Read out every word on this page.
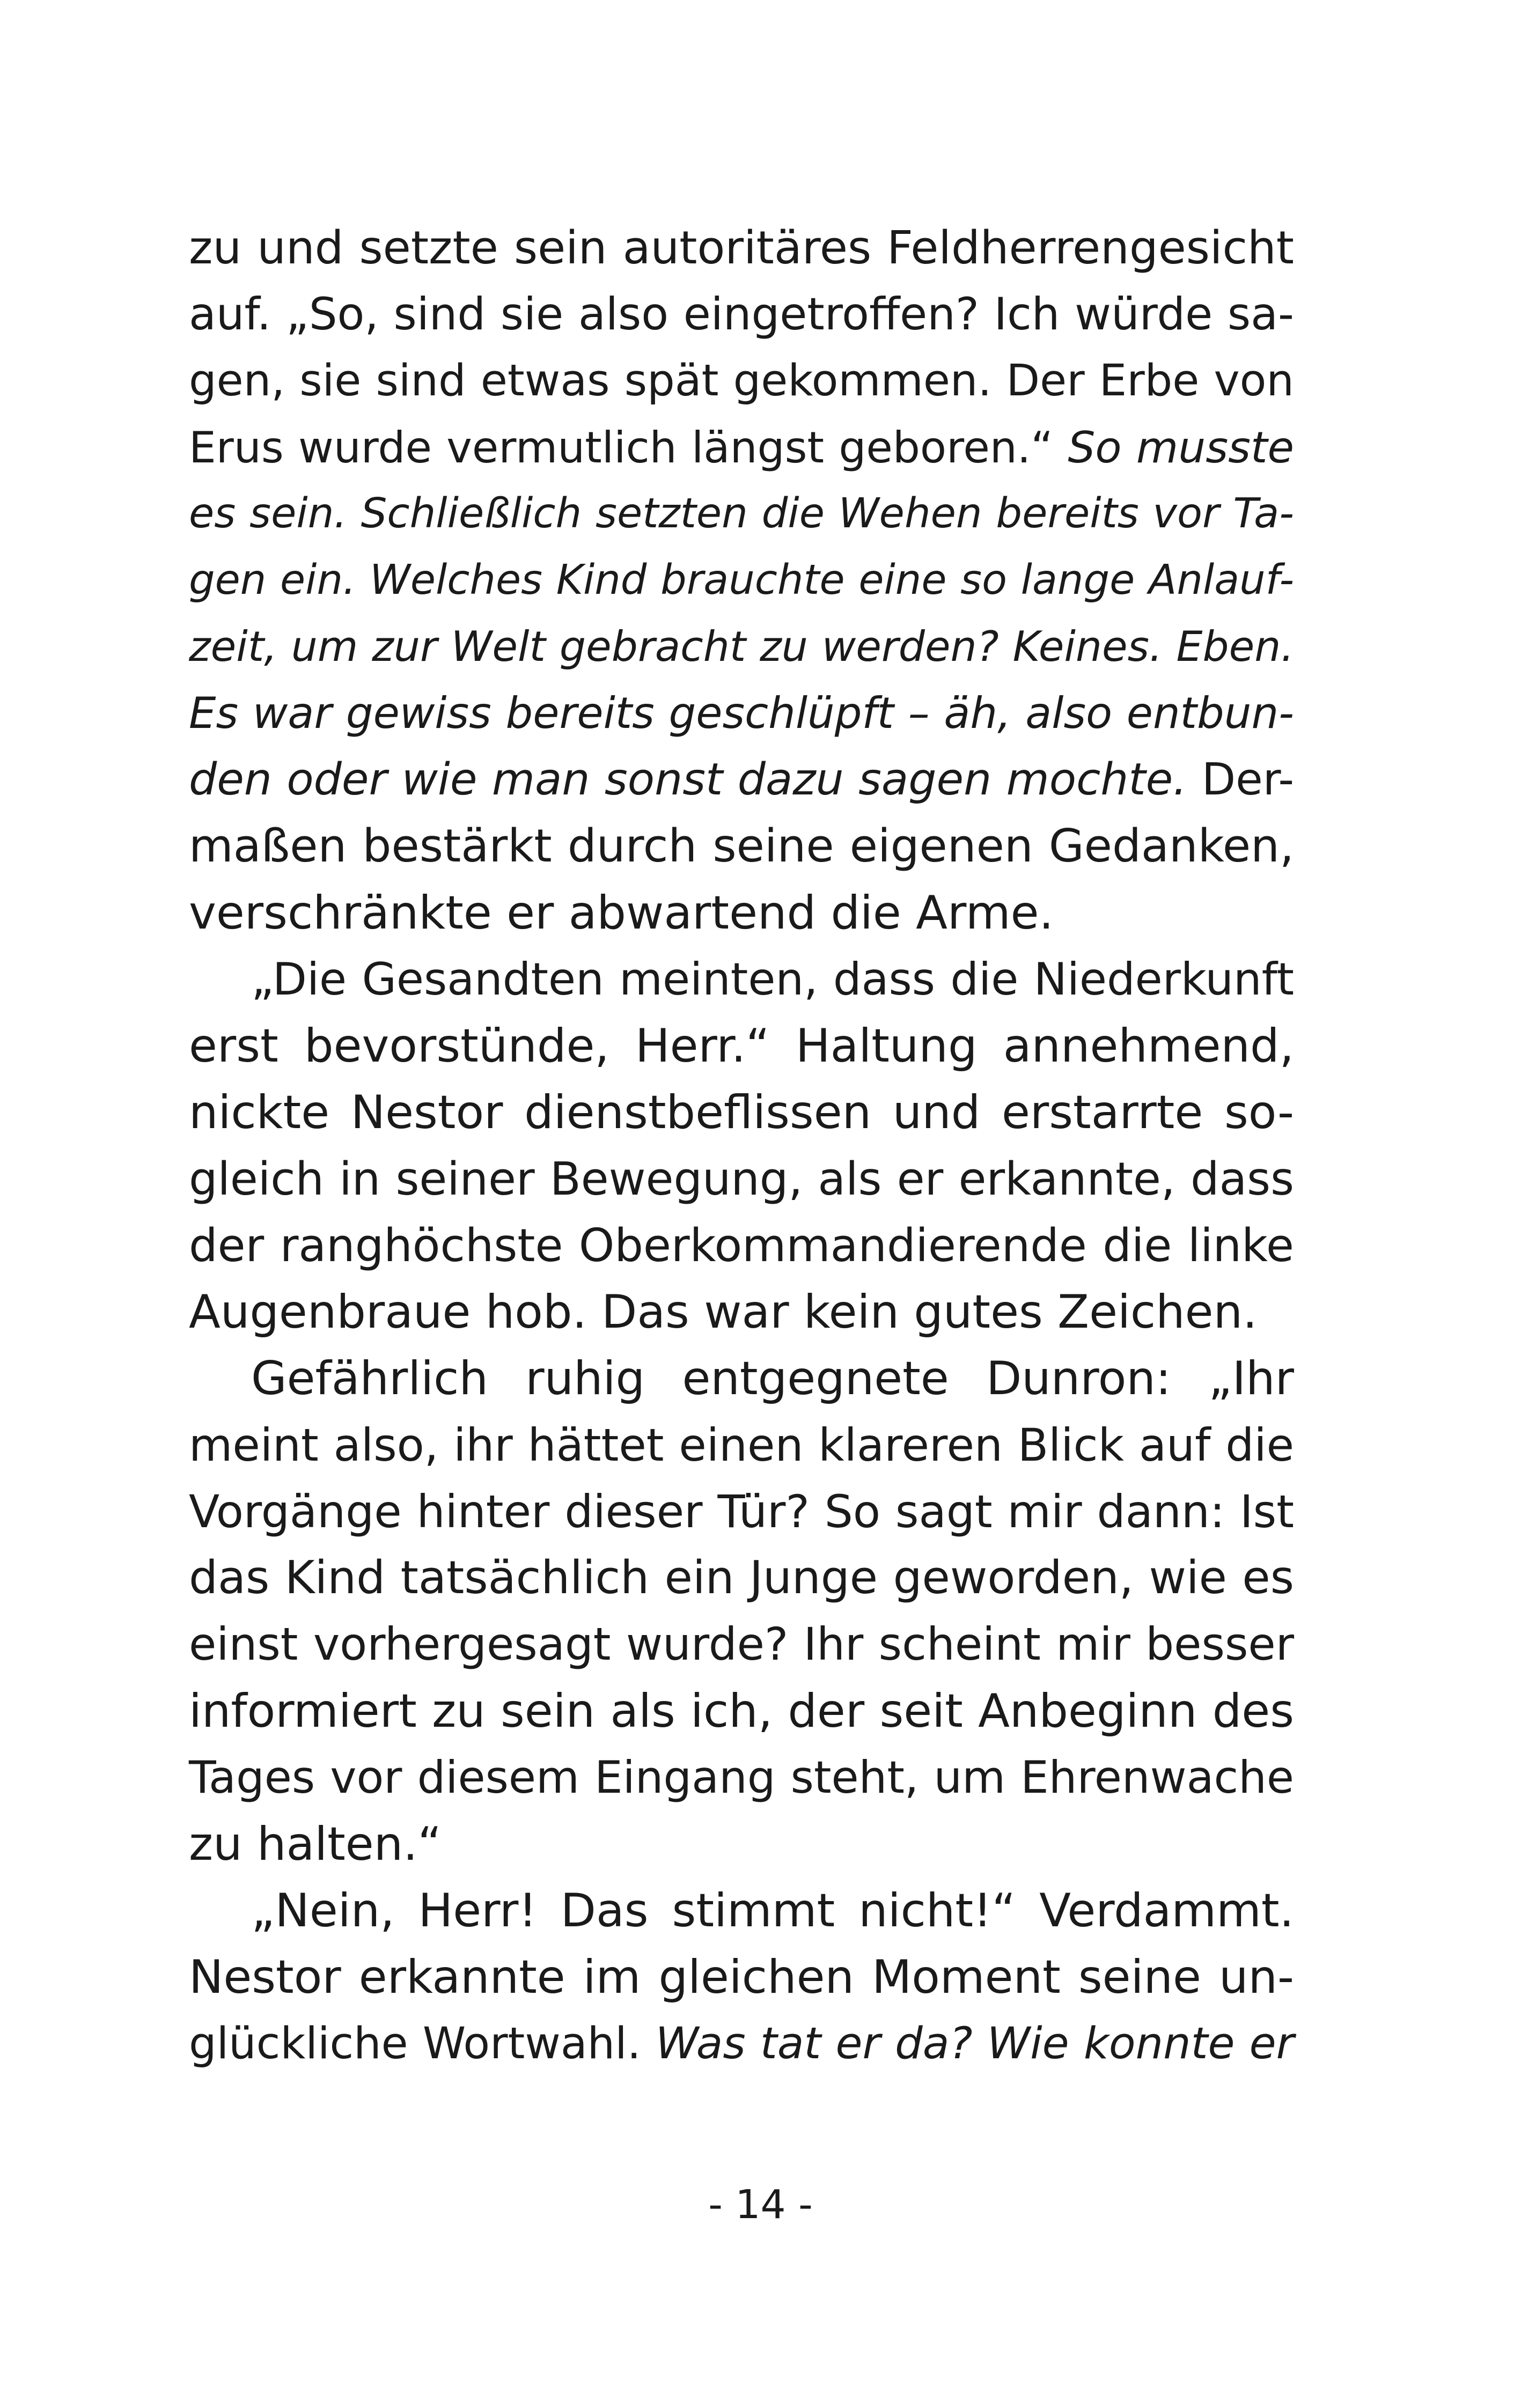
zu und setzte sein autoritäres Feldherrengesicht
auf. „So, sind sie also eingetroffen? Ich würde sa-
gen, sie sind etwas spät gekommen. Der Erbe von
Erus wurde vermutlich längst geboren.“ So musste
es sein. Schließlich setzten die Wehen bereits vor Ta-
gen ein. Welches Kind brauchte eine so lange Anlauf-
zeit, um zur Welt gebracht zu werden? Keines. Eben.
Es war gewiss bereits geschlüpft – äh, also entbun-
den oder wie man sonst dazu sagen mochte. Der-
maßen bestärkt durch seine eigenen Gedanken,
verschränkte er abwartend die Arme.
„Die Gesandten meinten, dass die Niederkunft
erst bevorstünde, Herr.“ Haltung annehmend,
nickte Nestor dienstbeflissen und erstarrte so-
gleich in seiner Bewegung, als er erkannte, dass
der ranghöchste Oberkommandierende die linke
Augenbraue hob. Das war kein gutes Zeichen.
Gefährlich ruhig entgegnete Dunron: „Ihr
meint also, ihr hättet einen klareren Blick auf die
Vorgänge hinter dieser Tür? So sagt mir dann: Ist
das Kind tatsächlich ein Junge geworden, wie es
einst vorhergesagt wurde? Ihr scheint mir besser
informiert zu sein als ich, der seit Anbeginn des
Tages vor diesem Eingang steht, um Ehrenwache
zu halten.“
„Nein, Herr! Das stimmt nicht!“ Verdammt.
Nestor erkannte im gleichen Moment seine un-
glückliche Wortwahl. Was tat er da? Wie konnte er
- 14 -
